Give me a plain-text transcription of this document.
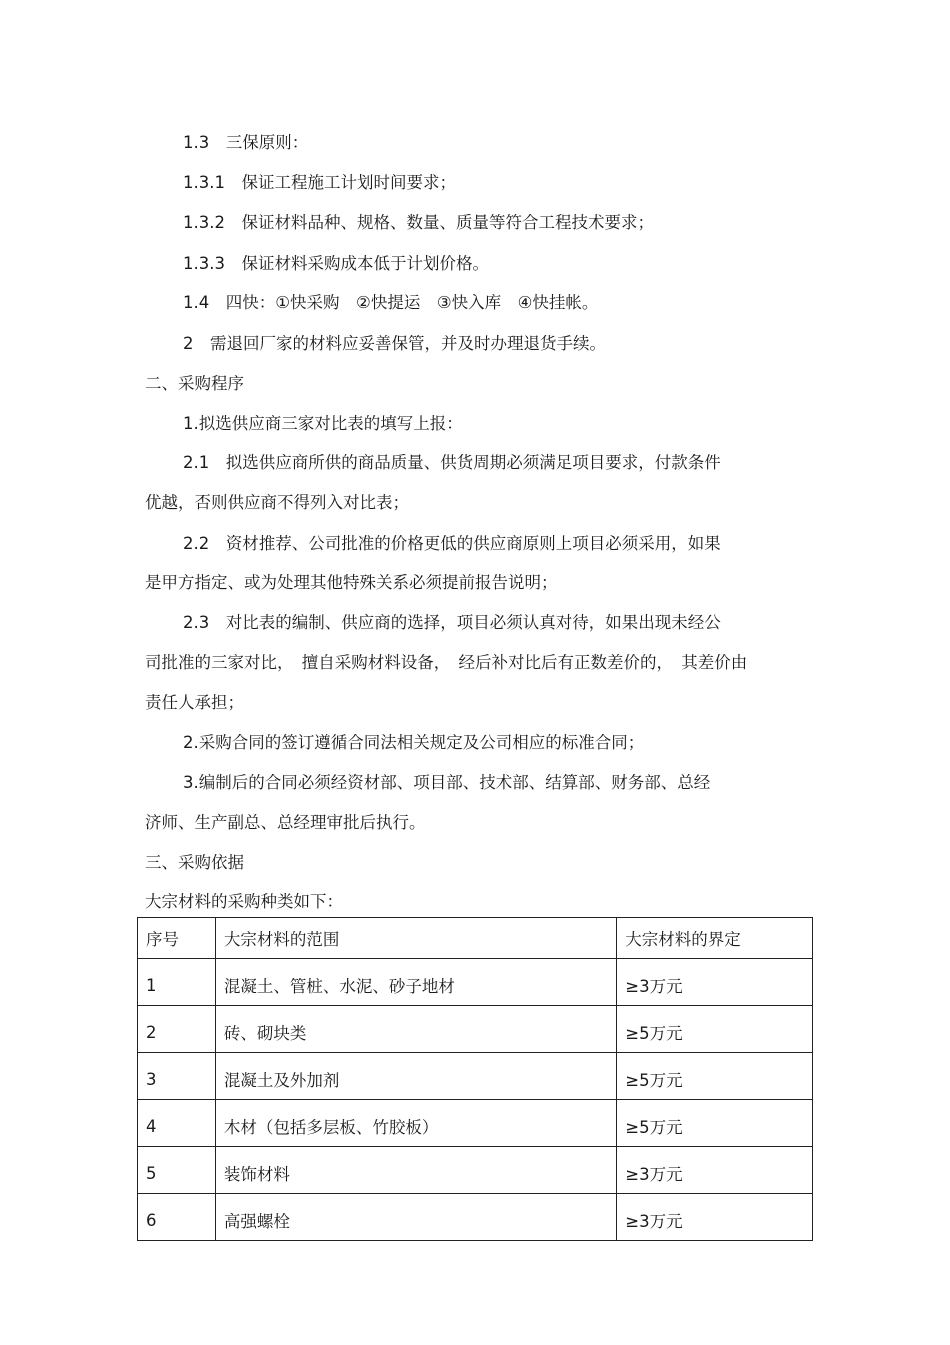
1.3　三保原则：
1.3.1　保证工程施工计划时间要求；
1.3.2　保证材料品种、规格、数量、质量等符合工程技术要求；
1.3.3　保证材料采购成本低于计划价格。
1.4　四快：①快采购　②快提运　③快入库　④快挂帐。
2　需退回厂家的材料应妥善保管，并及时办理退货手续。
二、采购程序
1.拟选供应商三家对比表的填写上报：
2.1　拟选供应商所供的商品质量、供货周期必须满足项目要求，付款条件
优越，否则供应商不得列入对比表；
2.2　资材推荐、公司批准的价格更低的供应商原则上项目必须采用，如果
是甲方指定、或为处理其他特殊关系必须提前报告说明；
2.3　对比表的编制、供应商的选择，项目必须认真对待，如果出现未经公
司批准的三家对比，　擅自采购材料设备，　经后补对比后有正数差价的，　其差价由
责任人承担；
2.采购合同的签订遵循合同法相关规定及公司相应的标准合同；
3.编制后的合同必须经资材部、项目部、技术部、结算部、财务部、总经
济师、生产副总、总经理审批后执行。
三、采购依据
大宗材料的采购种类如下：
序号	大宗材料的范围	大宗材料的界定
1	混凝土、管桩、水泥、砂子地材	≥3万元
2	砖、砌块类	≥5万元
3	混凝土及外加剂	≥5万元
4	木材（包括多层板、竹胶板）	≥5万元
5	装饰材料	≥3万元
6	高强螺栓	≥3万元
